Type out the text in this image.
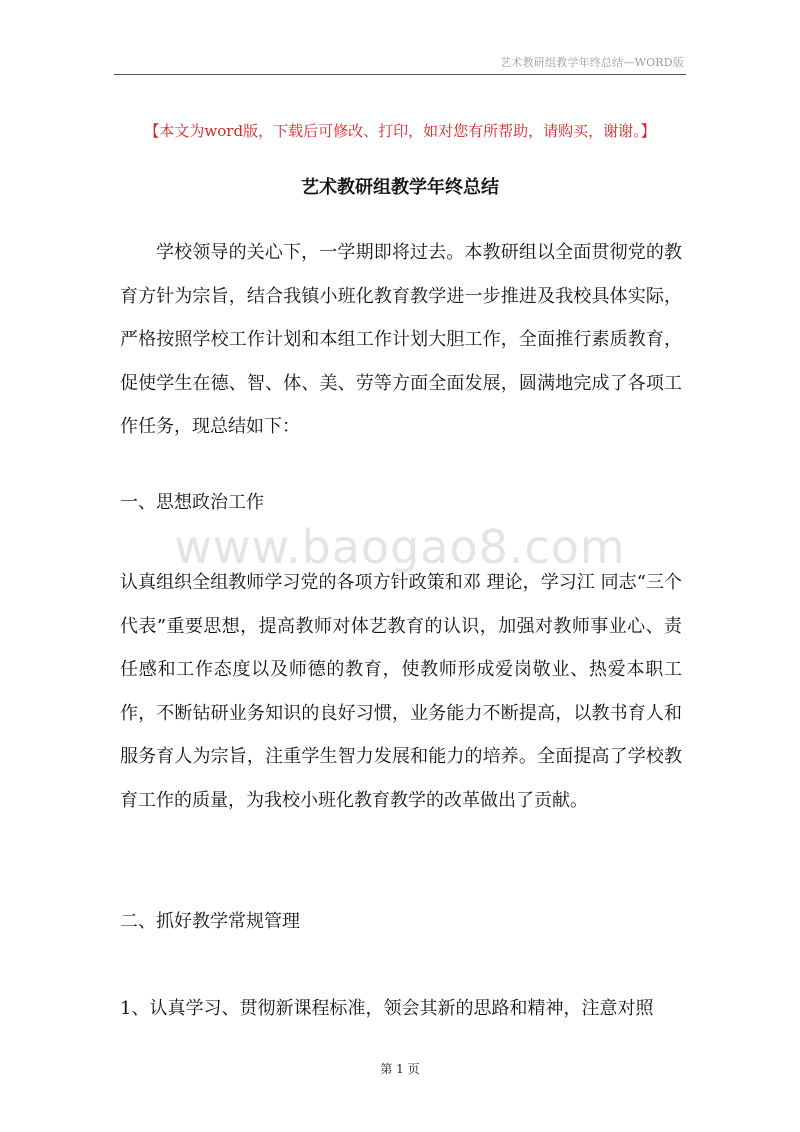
艺术教研组教学年终总结—WORD版
【本文为word版，下载后可修改、打印，如对您有所帮助，请购买，谢谢。】
艺术教研组教学年终总结

学校领导的关心下，一学期即将过去。本教研组以全面贯彻党的教育方针为宗旨，结合我镇小班化教育教学进一步推进及我校具体实际，严格按照学校工作计划和本组工作计划大胆工作，全面推行素质教育，促使学生在德、智、体、美、劳等方面全面发展，圆满地完成了各项工作任务，现总结如下：

一、思想政治工作
www.baogao8.com

认真组织全组教师学习党的各项方针政策和邓 理论，学习江 同志“三个代表”重要思想，提高教师对体艺教育的认识，加强对教师事业心、责任感和工作态度以及师德的教育，使教师形成爱岗敬业、热爱本职工作，不断钻研业务知识的良好习惯，业务能力不断提高，以教书育人和服务育人为宗旨，注重学生智力发展和能力的培养。全面提高了学校教育工作的质量，为我校小班化教育教学的改革做出了贡献。

二、抓好教学常规管理

1、认真学习、贯彻新课程标准，领会其新的思路和精神，注意对照

第 1 页
